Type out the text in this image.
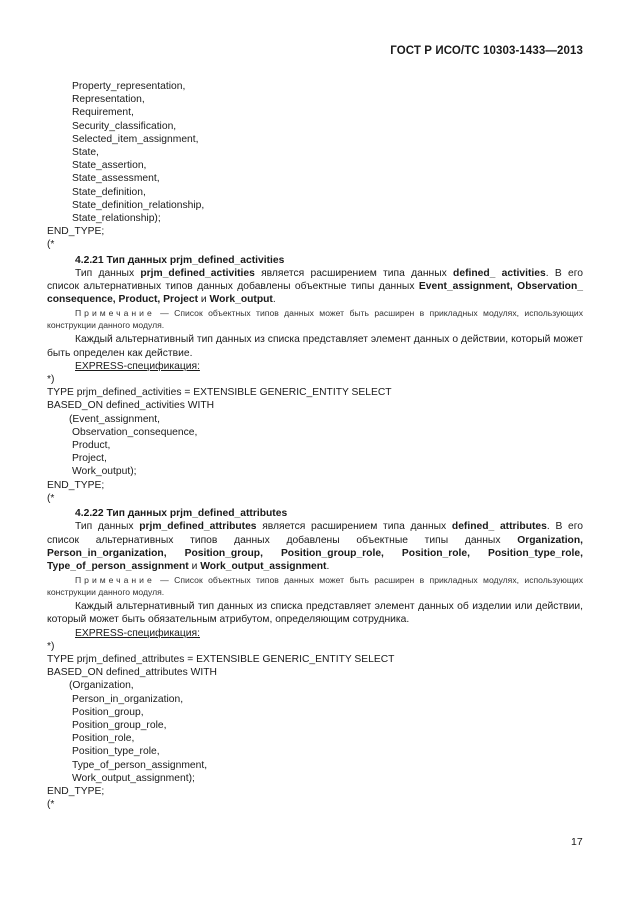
ГОСТ Р ИСО/ТС 10303-1433—2013
Property_representation,
Representation,
Requirement,
Security_classification,
Selected_item_assignment,
State,
State_assertion,
State_assessment,
State_definition,
State_definition_relationship,
State_relationship);
END_TYPE;
(*
4.2.21 Тип данных prjm_defined_activities
Тип данных prjm_defined_activities является расширением типа данных defined_ activities. В его список альтернативных типов данных добавлены объектные типы данных Event_assignment, Observation_ consequence, Product, Project и Work_output.
Примечание — Список объектных типов данных может быть расширен в прикладных модулях, использующих конструкции данного модуля.
Каждый альтернативный тип данных из списка представляет элемент данных о действии, который может быть определен как действие.
EXPRESS-спецификация:
*)
TYPE prjm_defined_activities = EXTENSIBLE GENERIC_ENTITY SELECT
BASED_ON defined_activities WITH
(Event_assignment,
Observation_consequence,
Product,
Project,
Work_output);
END_TYPE;
(*
4.2.22 Тип данных prjm_defined_attributes
Тип данных prjm_defined_attributes является расширением типа данных defined_ attributes. В его список альтернативных типов данных добавлены объектные типы данных Organization, Person_in_organization, Position_group, Position_group_role, Position_role, Position_type_role, Type_of_person_assignment и Work_output_assignment.
Примечание — Список объектных типов данных может быть расширен в прикладных модулях, использующих конструкции данного модуля.
Каждый альтернативный тип данных из списка представляет элемент данных об изделии или действии, который может быть обязательным атрибутом, определяющим сотрудника.
EXPRESS-спецификация:
*)
TYPE prjm_defined_attributes = EXTENSIBLE GENERIC_ENTITY SELECT
BASED_ON defined_attributes WITH
(Organization,
Person_in_organization,
Position_group,
Position_group_role,
Position_role,
Position_type_role,
Type_of_person_assignment,
Work_output_assignment);
END_TYPE;
(*
17
